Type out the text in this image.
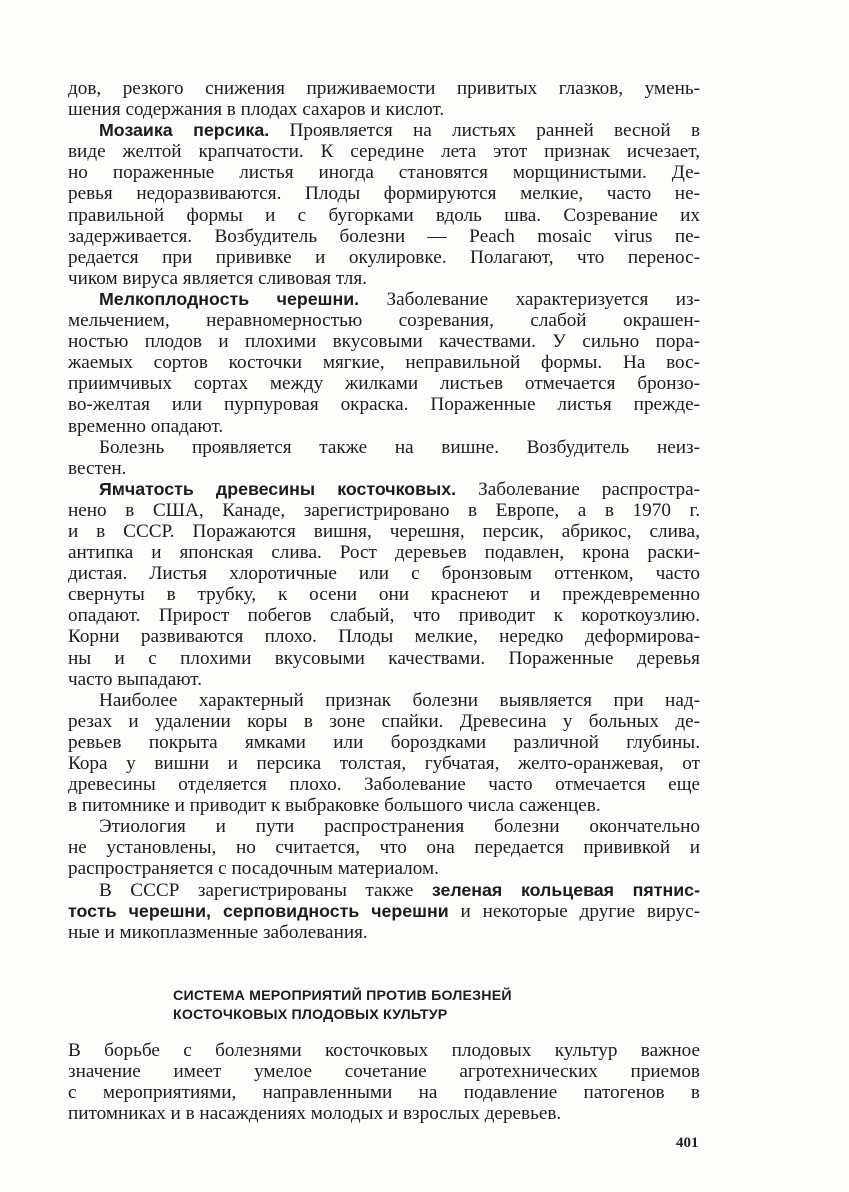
дов, резкого снижения приживаемости привитых глазков, умень-
шения содержания в плодах сахаров и кислот.
Мозаика персика. Проявляется на листьях ранней весной в
виде желтой крапчатости. К середине лета этот признак исчезает,
но пораженные листья иногда становятся морщинистыми. Де-
ревья недоразвиваются. Плоды формируются мелкие, часто не-
правильной формы и с бугорками вдоль шва. Созревание их
задерживается. Возбудитель болезни — Peach mosaic virus пе-
редается при прививке и окулировке. Полагают, что перенос-
чиком вируса является сливовая тля.
Мелкоплодность черешни. Заболевание характеризуется из-
мельчением, неравномерностью созревания, слабой окрашен-
ностью плодов и плохими вкусовыми качествами. У сильно пора-
жаемых сортов косточки мягкие, неправильной формы. На вос-
приимчивых сортах между жилками листьев отмечается бронзо-
во-желтая или пурпуровая окраска. Пораженные листья прежде-
временно опадают.
Болезнь проявляется также на вишне. Возбудитель неиз-
вестен.
Ямчатость древесины косточковых. Заболевание распростра-
нено в США, Канаде, зарегистрировано в Европе, а в 1970 г.
и в СССР. Поражаются вишня, черешня, персик, абрикос, слива,
антипка и японская слива. Рост деревьев подавлен, крона раски-
дистая. Листья хлоротичные или с бронзовым оттенком, часто
свернуты в трубку, к осени они краснеют и преждевременно
опадают. Прирост побегов слабый, что приводит к короткоузлию.
Корни развиваются плохо. Плоды мелкие, нередко деформирова-
ны и с плохими вкусовыми качествами. Пораженные деревья
часто выпадают.
Наиболее характерный признак болезни выявляется при над-
резах и удалении коры в зоне спайки. Древесина у больных де-
ревьев покрыта ямками или бороздками различной глубины.
Кора у вишни и персика толстая, губчатая, желто-оранжевая, от
древесины отделяется плохо. Заболевание часто отмечается еще
в питомнике и приводит к выбраковке большого числа саженцев.
Этиология и пути распространения болезни окончательно
не установлены, но считается, что она передается прививкой и
распространяется с посадочным материалом.
В СССР зарегистрированы также зеленая кольцевая пятнис-
тость черешни, серповидность черешни и некоторые другие вирус-
ные и микоплазменные заболевания.
СИСТЕМА МЕРОПРИЯТИЙ ПРОТИВ БОЛЕЗНЕЙ
КОСТОЧКОВЫХ ПЛОДОВЫХ КУЛЬТУР
В борьбе с болезнями косточковых плодовых культур важное
значение имеет умелое сочетание агротехнических приемов
с мероприятиями, направленными на подавление патогенов в
питомниках и в насаждениях молодых и взрослых деревьев.
401
